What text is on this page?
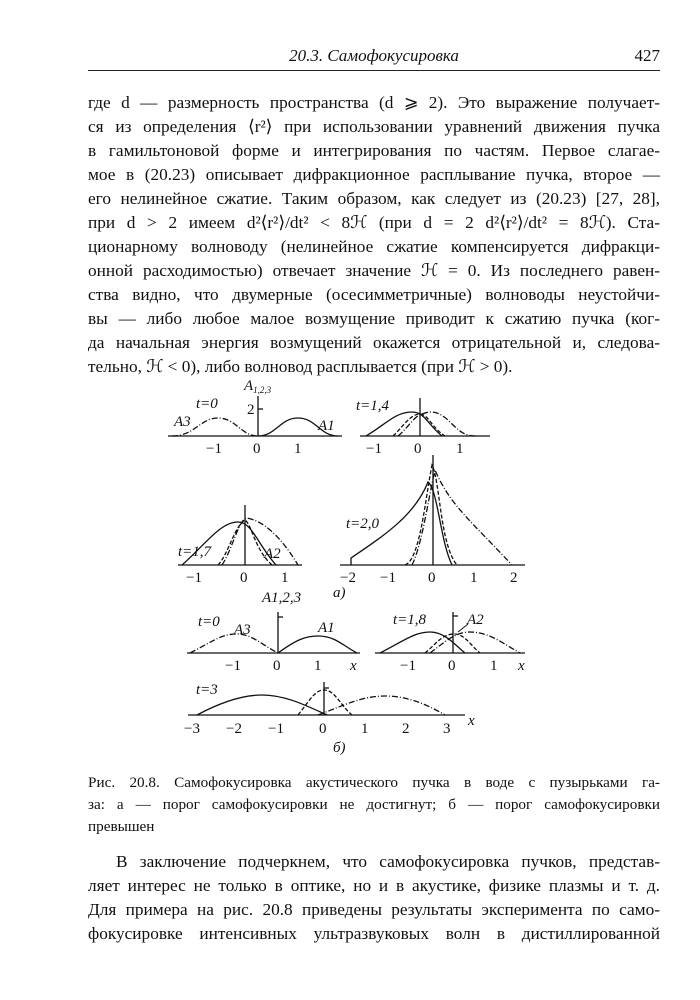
20.3. Самофокусировка	427
где d — размерность пространства (d ⩾ 2). Это выражение получает-
ся из определения ⟨r²⟩ при использовании уравнений движения пучка
в гамильтоновой форме и интегрирования по частям. Первое слагае-
мое в (20.23) описывает дифракционное расплывание пучка, второе —
его нелинейное сжатие. Таким образом, как следует из (20.23) [27, 28],
при d > 2 имеем d²⟨r²⟩/dt² < 8ℋ (при d = 2 d²⟨r²⟩/dt² = 8ℋ). Ста-
ционарному волноводу (нелинейное сжатие компенсируется дифракци-
онной расходимостью) отвечает значение ℋ = 0. Из последнего равен-
ства видно, что двумерные (осесимметричные) волноводы неустойчи-
вы — либо любое малое возмущение приводит к сжатию пучка (ког-
да начальная энергия возмущений окажется отрицательной и, следова-
тельно, ℋ < 0), либо волновод расплывается (при ℋ > 0).
$A_{1,2,3}$
2
t=0
A3	A1
−1 0 1
t=1,4
−1 0 1
t=1,7	A2
−1	0 1
t=2,0
−2 −1 0 1 2
а)
A1,2,3
t=0 A3	A1
−1 0 1 x
t=1,8	A2
−1 0 1 x
t=3
−3 −2 −1 0 1 2 3 x
б)
Рис. 20.8. Самофокусировка акустического пучка в воде с пузырьками га-
за: а — порог самофокусировки не достигнут; б — порог самофокусировки
превышен
В заключение подчеркнем, что самофокусировка пучков, представ-
ляет интерес не только в оптике, но и в акустике, физике плазмы и т. д.
Для примера на рис. 20.8 приведены результаты эксперимента по само-
фокусировке интенсивных ультразвуковых волн в дистиллированной
